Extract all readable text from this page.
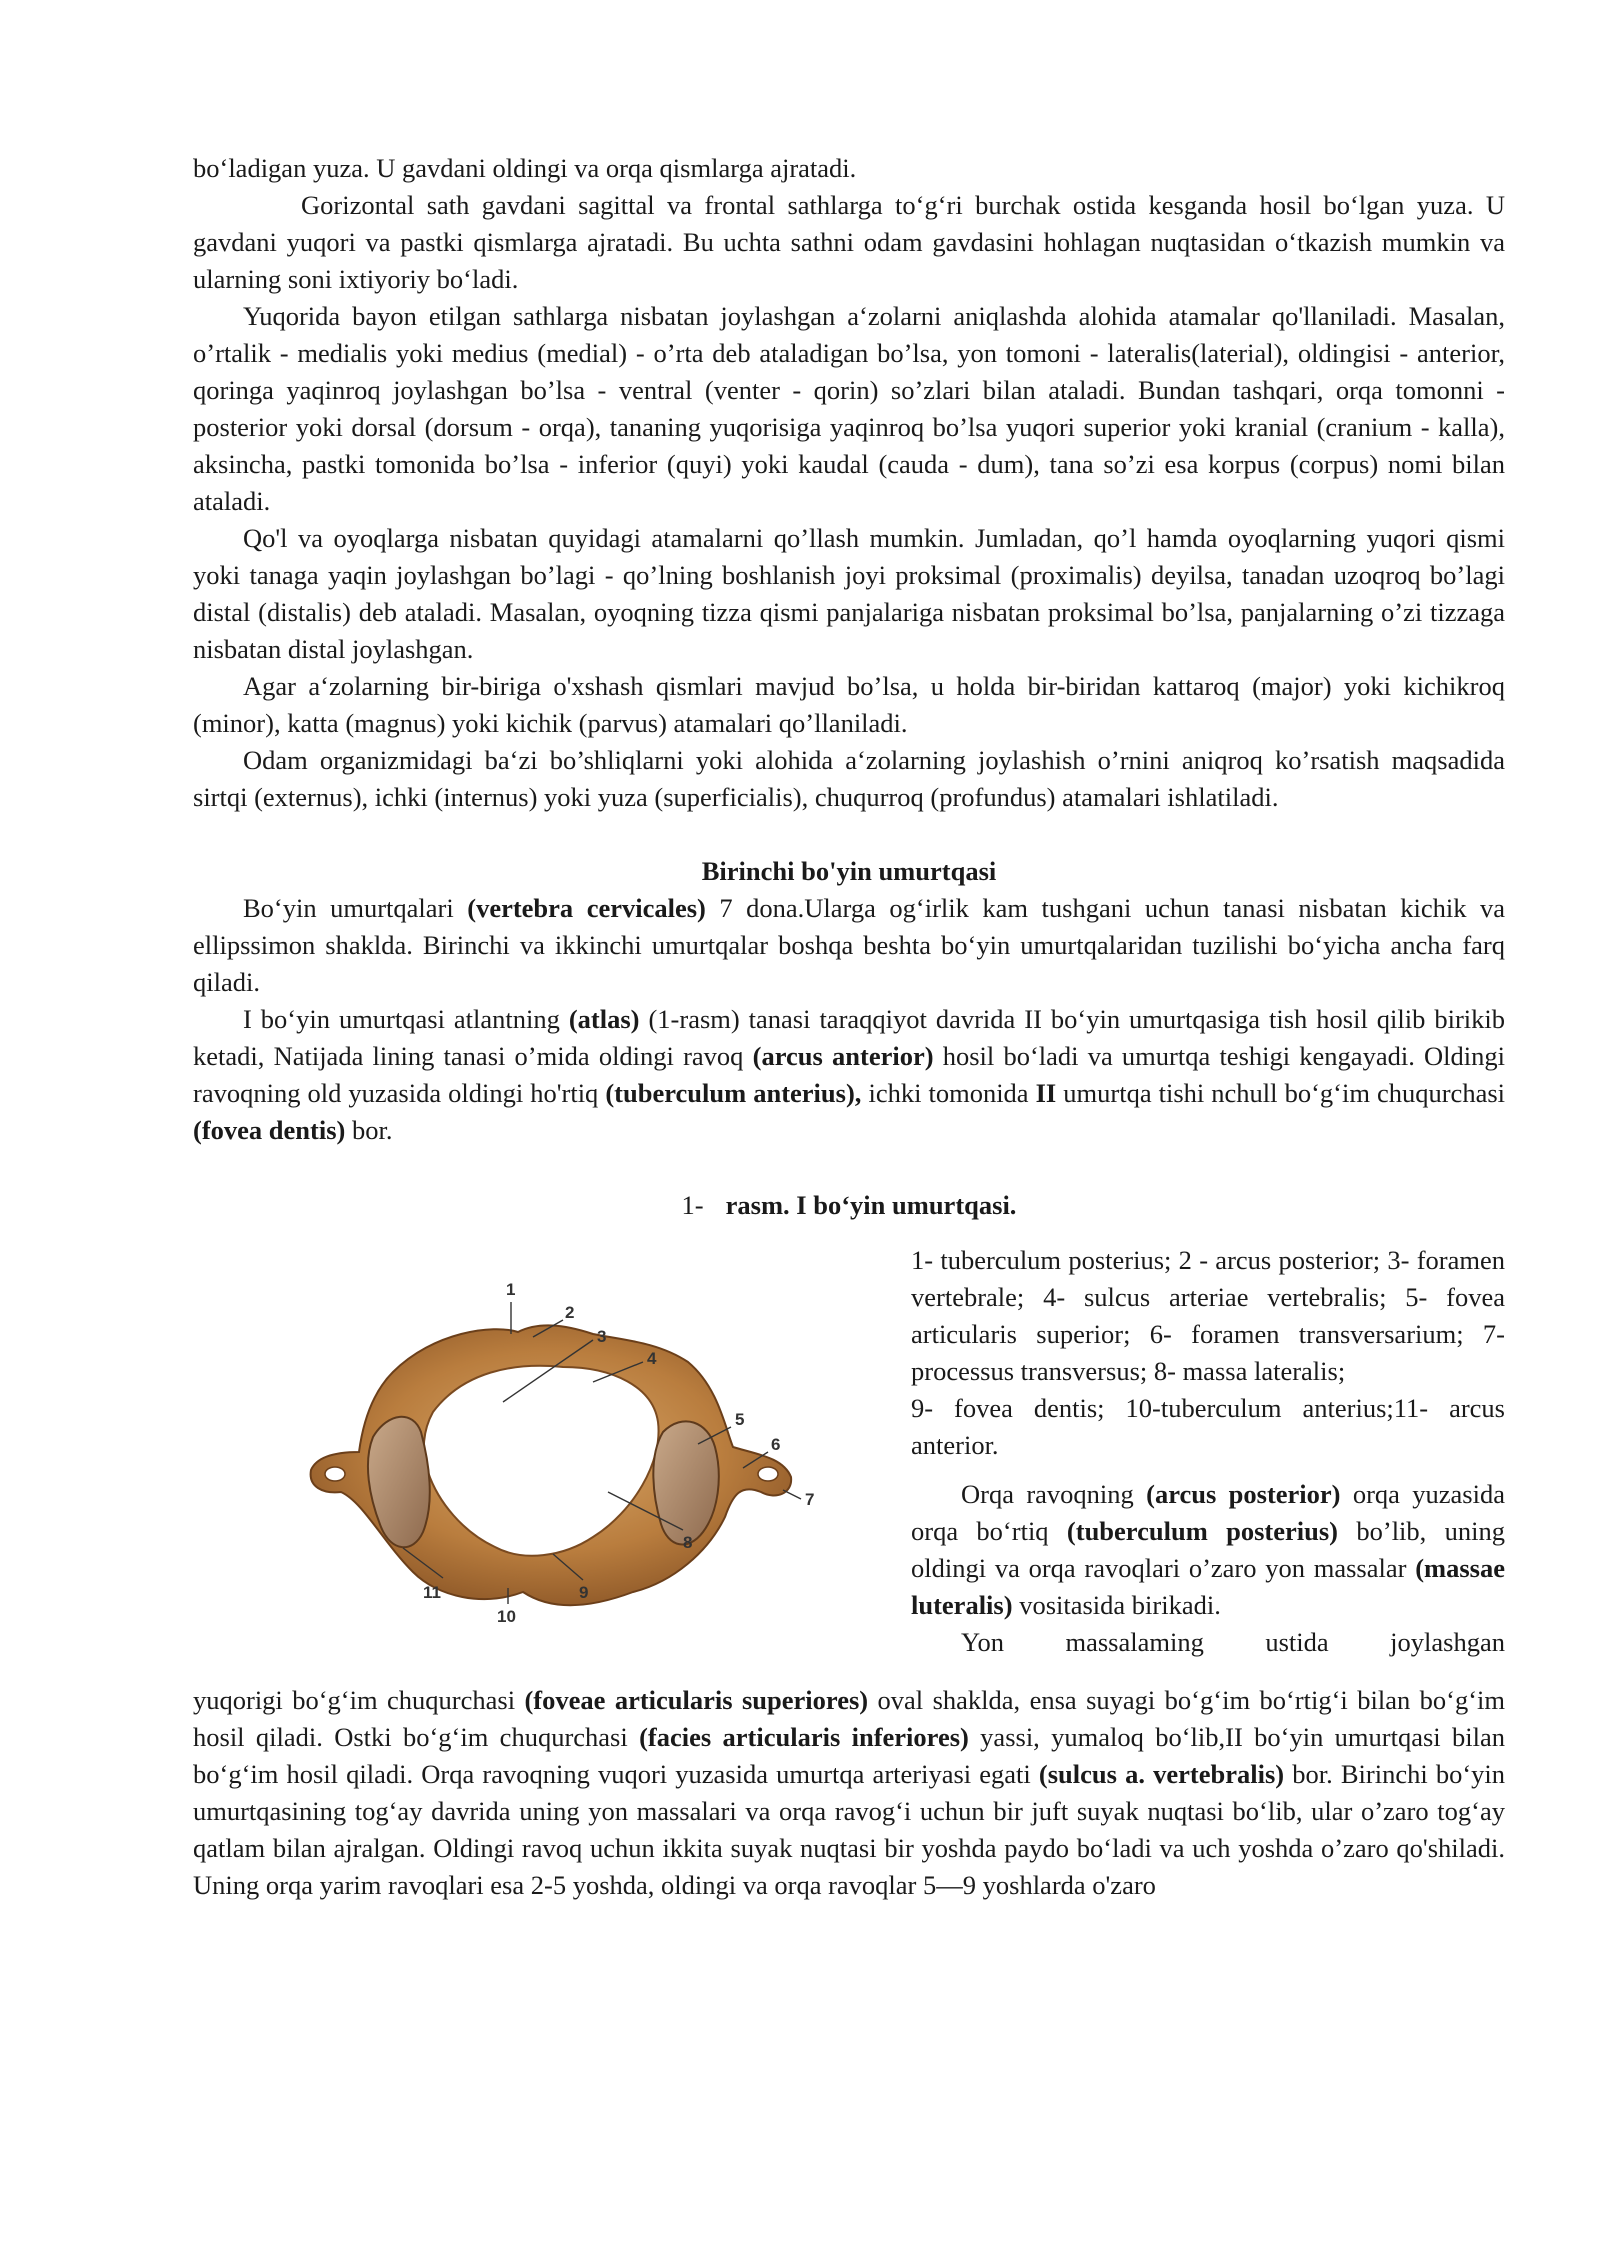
bo‘ladigan yuza. U gavdani oldingi va orqa qismlarga ajratadi.

Gorizontal sath gavdani sagittal va frontal sathlarga to‘g‘ri burchak ostida kesganda hosil bo‘lgan yuza. U gavdani yuqori va pastki qismlarga ajratadi. Bu uchta sathni odam gavdasini hohlagan nuqtasidan o‘tkazish mumkin va ularning soni ixtiyoriy bo‘ladi.

Yuqorida bayon etilgan sathlarga nisbatan joylashgan a‘zolarni aniqlashda alohida atamalar qo'llaniladi. Masalan, o’rtalik - medialis yoki medius (medial) - o’rta deb ataladigan bo’lsa, yon tomoni - lateralis(laterial), oldingisi - anterior, qoringa yaqinroq joylashgan bo’lsa - ventral (venter - qorin) so’zlari bilan ataladi. Bundan tashqari, orqa tomonni - posterior yoki dorsal (dorsum - orqa), tananing yuqorisiga yaqinroq bo’lsa yuqori superior yoki kranial (cranium - kalla), aksincha, pastki tomonida bo’lsa - inferior (quyi) yoki kaudal (cauda - dum), tana so’zi esa korpus (corpus) nomi bilan ataladi.

Qo'l va oyoqlarga nisbatan quyidagi atamalarni qo’llash mumkin. Jumladan, qo’l hamda oyoqlarning yuqori qismi yoki tanaga yaqin joylashgan bo’lagi - qo’lning boshlanish joyi proksimal (proximalis) deyilsa, tanadan uzoqroq bo’lagi distal (distalis) deb ataladi. Masalan, oyoqning tizza qismi panjalariga nisbatan proksimal bo’lsa, panjalarning o’zi tizzaga nisbatan distal joylashgan.

Agar a‘zolarning bir-biriga o'xshash qismlari mavjud bo’lsa, u holda bir-biridan kattaroq (major) yoki kichikroq (minor), katta (magnus) yoki kichik (parvus) atamalari qo’llaniladi.

Odam organizmidagi ba‘zi bo’shliqlarni yoki alohida a‘zolarning joylashish o’rnini aniqroq ko’rsatish maqsadida sirtqi (externus), ichki (internus) yoki yuza (superficialis), chuqurroq (profundus) atamalari ishlatiladi.

Birinchi bo'yin umurtqasi

Bo‘yin umurtqalari (vertebra cervicales) 7 dona.Ularga og‘irlik kam tushgani uchun tanasi nisbatan kichik va ellipssimon shaklda. Birinchi va ikkinchi umurtqalar boshqa beshta bo‘yin umurtqalaridan tuzilishi bo‘yicha ancha farq qiladi.

I bo‘yin umurtqasi atlantning (atlas) (1-rasm) tanasi taraqqiyot davrida II bo‘yin umurtqasiga tish hosil qilib birikib ketadi, Natijada lining tanasi o’mida oldingi ravoq (arcus anterior) hosil bo‘ladi va umurtqa teshigi kengayadi. Oldingi ravoqning old yuzasida oldingi ho'rtiq (tuberculum anterius), ichki tomonida II umurtqa tishi nchull bo‘g‘im chuqurchasi (fovea dentis) bor.

1- rasm. I bo‘yin umurtqasi.

1
2
3
4
5
6
7
8
9
10
11

1- tuberculum posterius; 2 - arcus posterior; 3- foramen vertebrale; 4- sulcus arteriae vertebralis; 5- fovea articularis superior; 6- foramen transversarium; 7- processus transversus; 8- massa lateralis;

9- fovea dentis; 10-tuberculum anterius;11- arcus anterior.

Orqa ravoqning (arcus posterior) orqa yuzasida orqa bo‘rtiq (tuberculum posterius) bo’lib, uning oldingi va orqa ravoqlari o’zaro yon massalar (massae luteralis) vositasida birikadi.

Yon massalaming ustida joylashgan

yuqorigi bo‘g‘im chuqurchasi (foveae articularis superiores) oval shaklda, ensa suyagi bo‘g‘im bo‘rtig‘i bilan bo‘g‘im hosil qiladi. Ostki bo‘g‘im chuqurchasi (facies articularis inferiores) yassi, yumaloq bo‘lib,II bo‘yin umurtqasi bilan bo‘g‘im hosil qiladi. Orqa ravoqning vuqori yuzasida umurtqa arteriyasi egati (sulcus a. vertebralis) bor. Birinchi bo‘yin umurtqasining tog‘ay davrida uning yon massalari va orqa ravog‘i uchun bir juft suyak nuqtasi bo‘lib, ular o’zaro tog‘ay qatlam bilan ajralgan. Oldingi ravoq uchun ikkita suyak nuqtasi bir yoshda paydo bo‘ladi va uch yoshda o’zaro qo'shiladi. Uning orqa yarim ravoqlari esa 2-5 yoshda, oldingi va orqa ravoqlar 5—9 yoshlarda o'zaro
